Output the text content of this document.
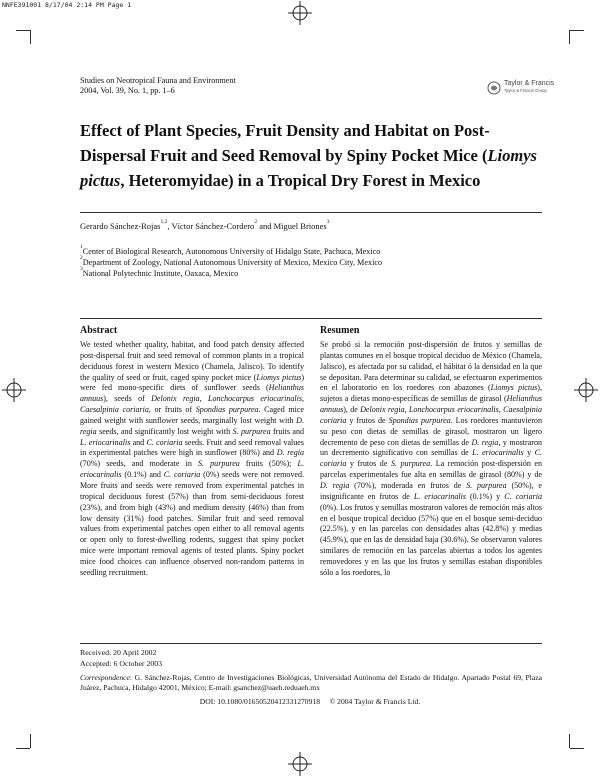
NNFE391001 8/17/04 2:14 PM Page 1
Studies on Neotropical Fauna and Environment
2004, Vol. 39, No. 1, pp. 1–6
Taylor & Francis
Taylor & Francis Group
Effect of Plant Species, Fruit Density and Habitat on Post-Dispersal Fruit and Seed Removal by Spiny Pocket Mice (Liomys pictus, Heteromyidae) in a Tropical Dry Forest in Mexico
Gerardo Sánchez-Rojas$^{1,2}$, Víctor Sánchez-Cordero$^2$ and Miguel Briones$^3$
$^1$Center of Biological Research, Autonomous University of Hidalgo State, Pachuca, Mexico
$^2$Department of Zoology, National Autonomous University of Mexico, Mexico City, Mexico
$^3$National Polytechnic Institute, Oaxaca, Mexico
Abstract
We tested whether quality, habitat, and food patch density affected post-dispersal fruit and seed removal of common plants in a tropical deciduous forest in western Mexico (Chamela, Jalisco). To identify the quality of seed or fruit, caged spiny pocket mice (Liomys pictus) were fed mono-specific diets of sunflower seeds (Helianthus annuus), seeds of Delonix regia, Lonchocarpus eriocarinalis, Caesalpinia coriaria, or fruits of Spondias purpurea. Caged mice gained weight with sunflower seeds, marginally lost weight with D. regia seeds, and significantly lost weight with S. purpurea fruits and L. eriocarinalis and C. coriaria seeds. Fruit and seed removal values in experimental patches were high in sunflower (80%) and D. regia (70%) seeds, and moderate in S. purpurea fruits (50%); L. eriocarinalis (0.1%) and C. coriaria (0%) seeds were not removed. More fruits and seeds were removed from experimental patches in tropical deciduous forest (57%) than from semi-deciduous forest (23%), and from high (43%) and medium density (46%) than from low density (31%) food patches. Similar fruit and seed removal values from experimental patches open either to all removal agents or open only to forest-dwelling rodents, suggest that spiny pocket mice were important removal agents of tested plants. Spiny pocket mice food choices can influence observed non-random patterns in seedling recruitment.
Resumen
Se probó si la remoción post-dispersión de frutos y semillas de plantas comunes en el bosque tropical deciduo de México (Chamela, Jalisco), es afectada por su calidad, el hábitat ó la densidad en la que se depositan. Para determinar su calidad, se efectuaron experimentos en el laboratorio en los roedores con abazones (Liomys pictus), sujetos a dietas mono-específicas de semillas de girasol (Helianthus annuus), de Delonix regia, Lonchocarpus eriocarinalis, Caesalpinia coriaria y frutos de Spondias purpurea. Los roedores mantuvieron su peso con dietas de semillas de girasol, mostraron un ligero decremento de peso con dietas de semillas de D. regia, y mostraron un decremento significativo con semillas de L. eriocarinalis y C. coriaria y frutos de S. purpurea. La remoción post-dispersión en parcelas experimentales fue alta en semillas de girasol (80%) y de D. regia (70%), moderada en frutos de S. purpurea (50%), e insignificante en frutos de L. eriocarinalis (0.1%) y C. coriaria (0%). Los frutos y semillas mostraron valores de remoción más altos en el bosque tropical deciduo (57%) que en el bosque semi-deciduo (22.5%), y en las parcelas con densidades altas (42.8%) y medias (45.9%), que en las de densidad baja (30.6%). Se observaron valores similares de remoción en las parcelas abiertas a todos los agentes removedores y en las que los frutos y semillas estaban disponibles sólo a los roedores, lo
Received: 20 April 2002
Accepted: 6 October 2003
Correspondence: G. Sánchez-Rojas, Centro de Investigaciones Biológicas, Universidad Autónoma del Estado de Hidalgo. Apartado Postal 69, Plaza Juárez, Pachuca, Hidalgo 42001, México; E-mail: gsanchez@uaeh.reduaeh.mx
DOI: 10.1080/01650520412331270918     © 2004 Taylor & Francis Ltd.
